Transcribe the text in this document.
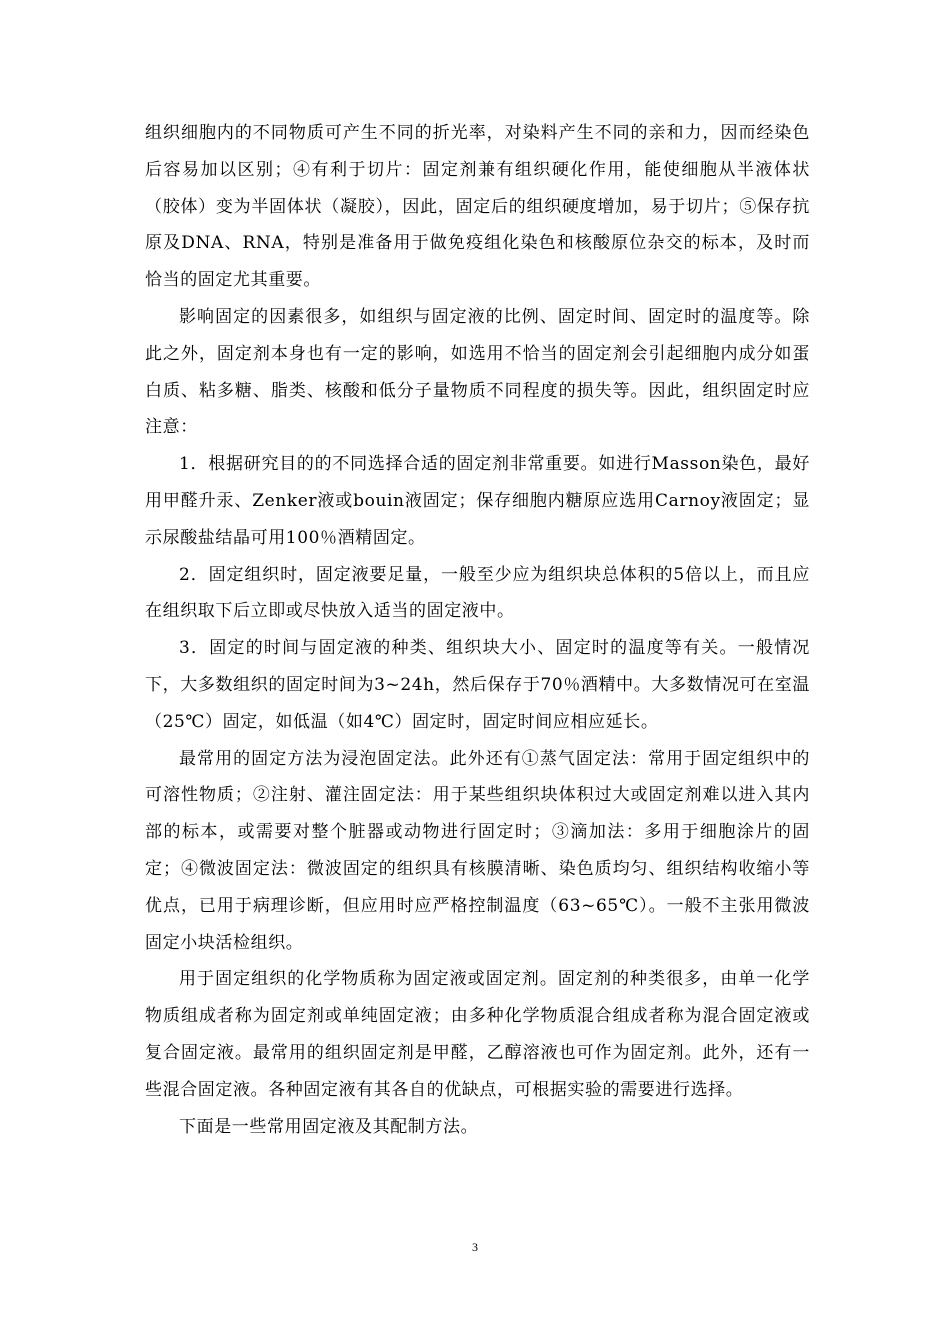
组织细胞内的不同物质可产生不同的折光率，对染料产生不同的亲和力，因而经染色后容易加以区别；④有利于切片：固定剂兼有组织硬化作用，能使细胞从半液体状（胶体）变为半固体状（凝胶），因此，固定后的组织硬度增加，易于切片；⑤保存抗原及DNA、RNA，特别是准备用于做免疫组化染色和核酸原位杂交的标本，及时而恰当的固定尤其重要。

影响固定的因素很多，如组织与固定液的比例、固定时间、固定时的温度等。除此之外，固定剂本身也有一定的影响，如选用不恰当的固定剂会引起细胞内成分如蛋白质、粘多糖、脂类、核酸和低分子量物质不同程度的损失等。因此，组织固定时应注意：

1．根据研究目的的不同选择合适的固定剂非常重要。如进行Masson染色，最好用甲醛升汞、Zenker液或bouin液固定；保存细胞内糖原应选用Carnoy液固定；显示尿酸盐结晶可用100％酒精固定。

2．固定组织时，固定液要足量，一般至少应为组织块总体积的5倍以上，而且应在组织取下后立即或尽快放入适当的固定液中。

3．固定的时间与固定液的种类、组织块大小、固定时的温度等有关。一般情况下，大多数组织的固定时间为3~24h，然后保存于70％酒精中。大多数情况可在室温（25℃）固定，如低温（如4℃）固定时，固定时间应相应延长。

最常用的固定方法为浸泡固定法。此外还有①蒸气固定法：常用于固定组织中的可溶性物质；②注射、灌注固定法：用于某些组织块体积过大或固定剂难以进入其内部的标本，或需要对整个脏器或动物进行固定时；③滴加法：多用于细胞涂片的固定；④微波固定法：微波固定的组织具有核膜清晰、染色质均匀、组织结构收缩小等优点，已用于病理诊断，但应用时应严格控制温度（63~65℃）。一般不主张用微波固定小块活检组织。

用于固定组织的化学物质称为固定液或固定剂。固定剂的种类很多，由单一化学物质组成者称为固定剂或单纯固定液；由多种化学物质混合组成者称为混合固定液或复合固定液。最常用的组织固定剂是甲醛，乙醇溶液也可作为固定剂。此外，还有一些混合固定液。各种固定液有其各自的优缺点，可根据实验的需要进行选择。

下面是一些常用固定液及其配制方法。

3
